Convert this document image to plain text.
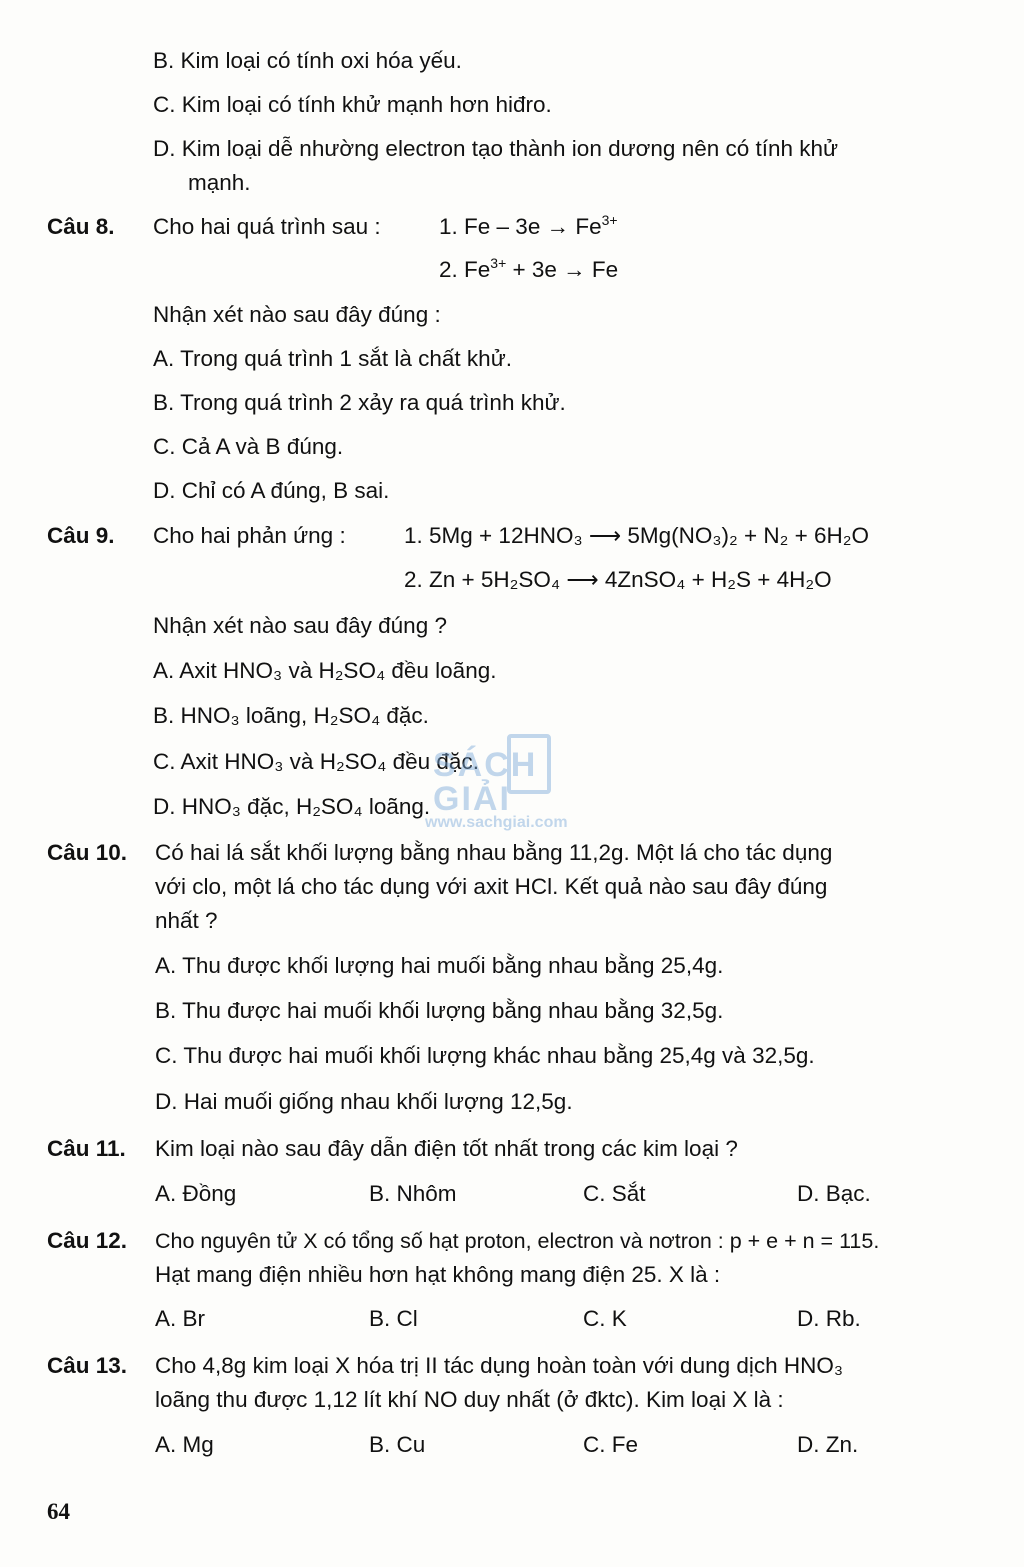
B. Kim loại có tính oxi hóa yếu.
C. Kim loại có tính khử mạnh hơn hiđro.
D. Kim loại dễ nhường electron tạo thành ion dương nên có tính khử
mạnh.
Câu 8. Cho hai quá trình sau :	1. $Fe - 3e \to Fe^{3+}$
2. $Fe^{3+} + 3e \to Fe$
Nhận xét nào sau đây đúng :
A. Trong quá trình 1 sắt là chất khử.
B. Trong quá trình 2 xảy ra quá trình khử.
C. Cả A và B đúng.
D. Chỉ có A đúng, B sai.
Câu 9. Cho hai phản ứng :	1. 5Mg + 12HNO₃ ⟶ 5Mg(NO₃)₂ + N₂ + 6H₂O
2. Zn + 5H₂SO₄ ⟶ 4ZnSO₄ + H₂S + 4H₂O
Nhận xét nào sau đây đúng ?
A. Axit HNO₃ và H₂SO₄ đều loãng.
B. HNO₃ loãng, H₂SO₄ đặc.
C. Axit HNO₃ và H₂SO₄ đều đặc.
D. HNO₃ đặc, H₂SO₄ loãng.
SÁCH GIẢI
www.sachgiai.com
Câu 10. Có hai lá sắt khối lượng bằng nhau bằng 11,2g. Một lá cho tác dụng
với clo, một lá cho tác dụng với axit HCl. Kết quả nào sau đây đúng
nhất ?
A. Thu được khối lượng hai muối bằng nhau bằng 25,4g.
B. Thu được hai muối khối lượng bằng nhau bằng 32,5g.
C. Thu được hai muối khối lượng khác nhau bằng 25,4g và 32,5g.
D. Hai muối giống nhau khối lượng 12,5g.
Câu 11. Kim loại nào sau đây dẫn điện tốt nhất trong các kim loại ?
A. Đồng	B. Nhôm	C. Sắt	D. Bạc.
Câu 12. Cho nguyên tử X có tổng số hạt proton, electron và nơtron : p + e + n = 115.
Hạt mang điện nhiều hơn hạt không mang điện 25. X là :
A. Br	B. Cl	C. K	D. Rb.
Câu 13. Cho 4,8g kim loại X hóa trị II tác dụng hoàn toàn với dung dịch HNO₃
loãng thu được 1,12 lít khí NO duy nhất (ở đktc). Kim loại X là :
A. Mg	B. Cu	C. Fe	D. Zn.
64
